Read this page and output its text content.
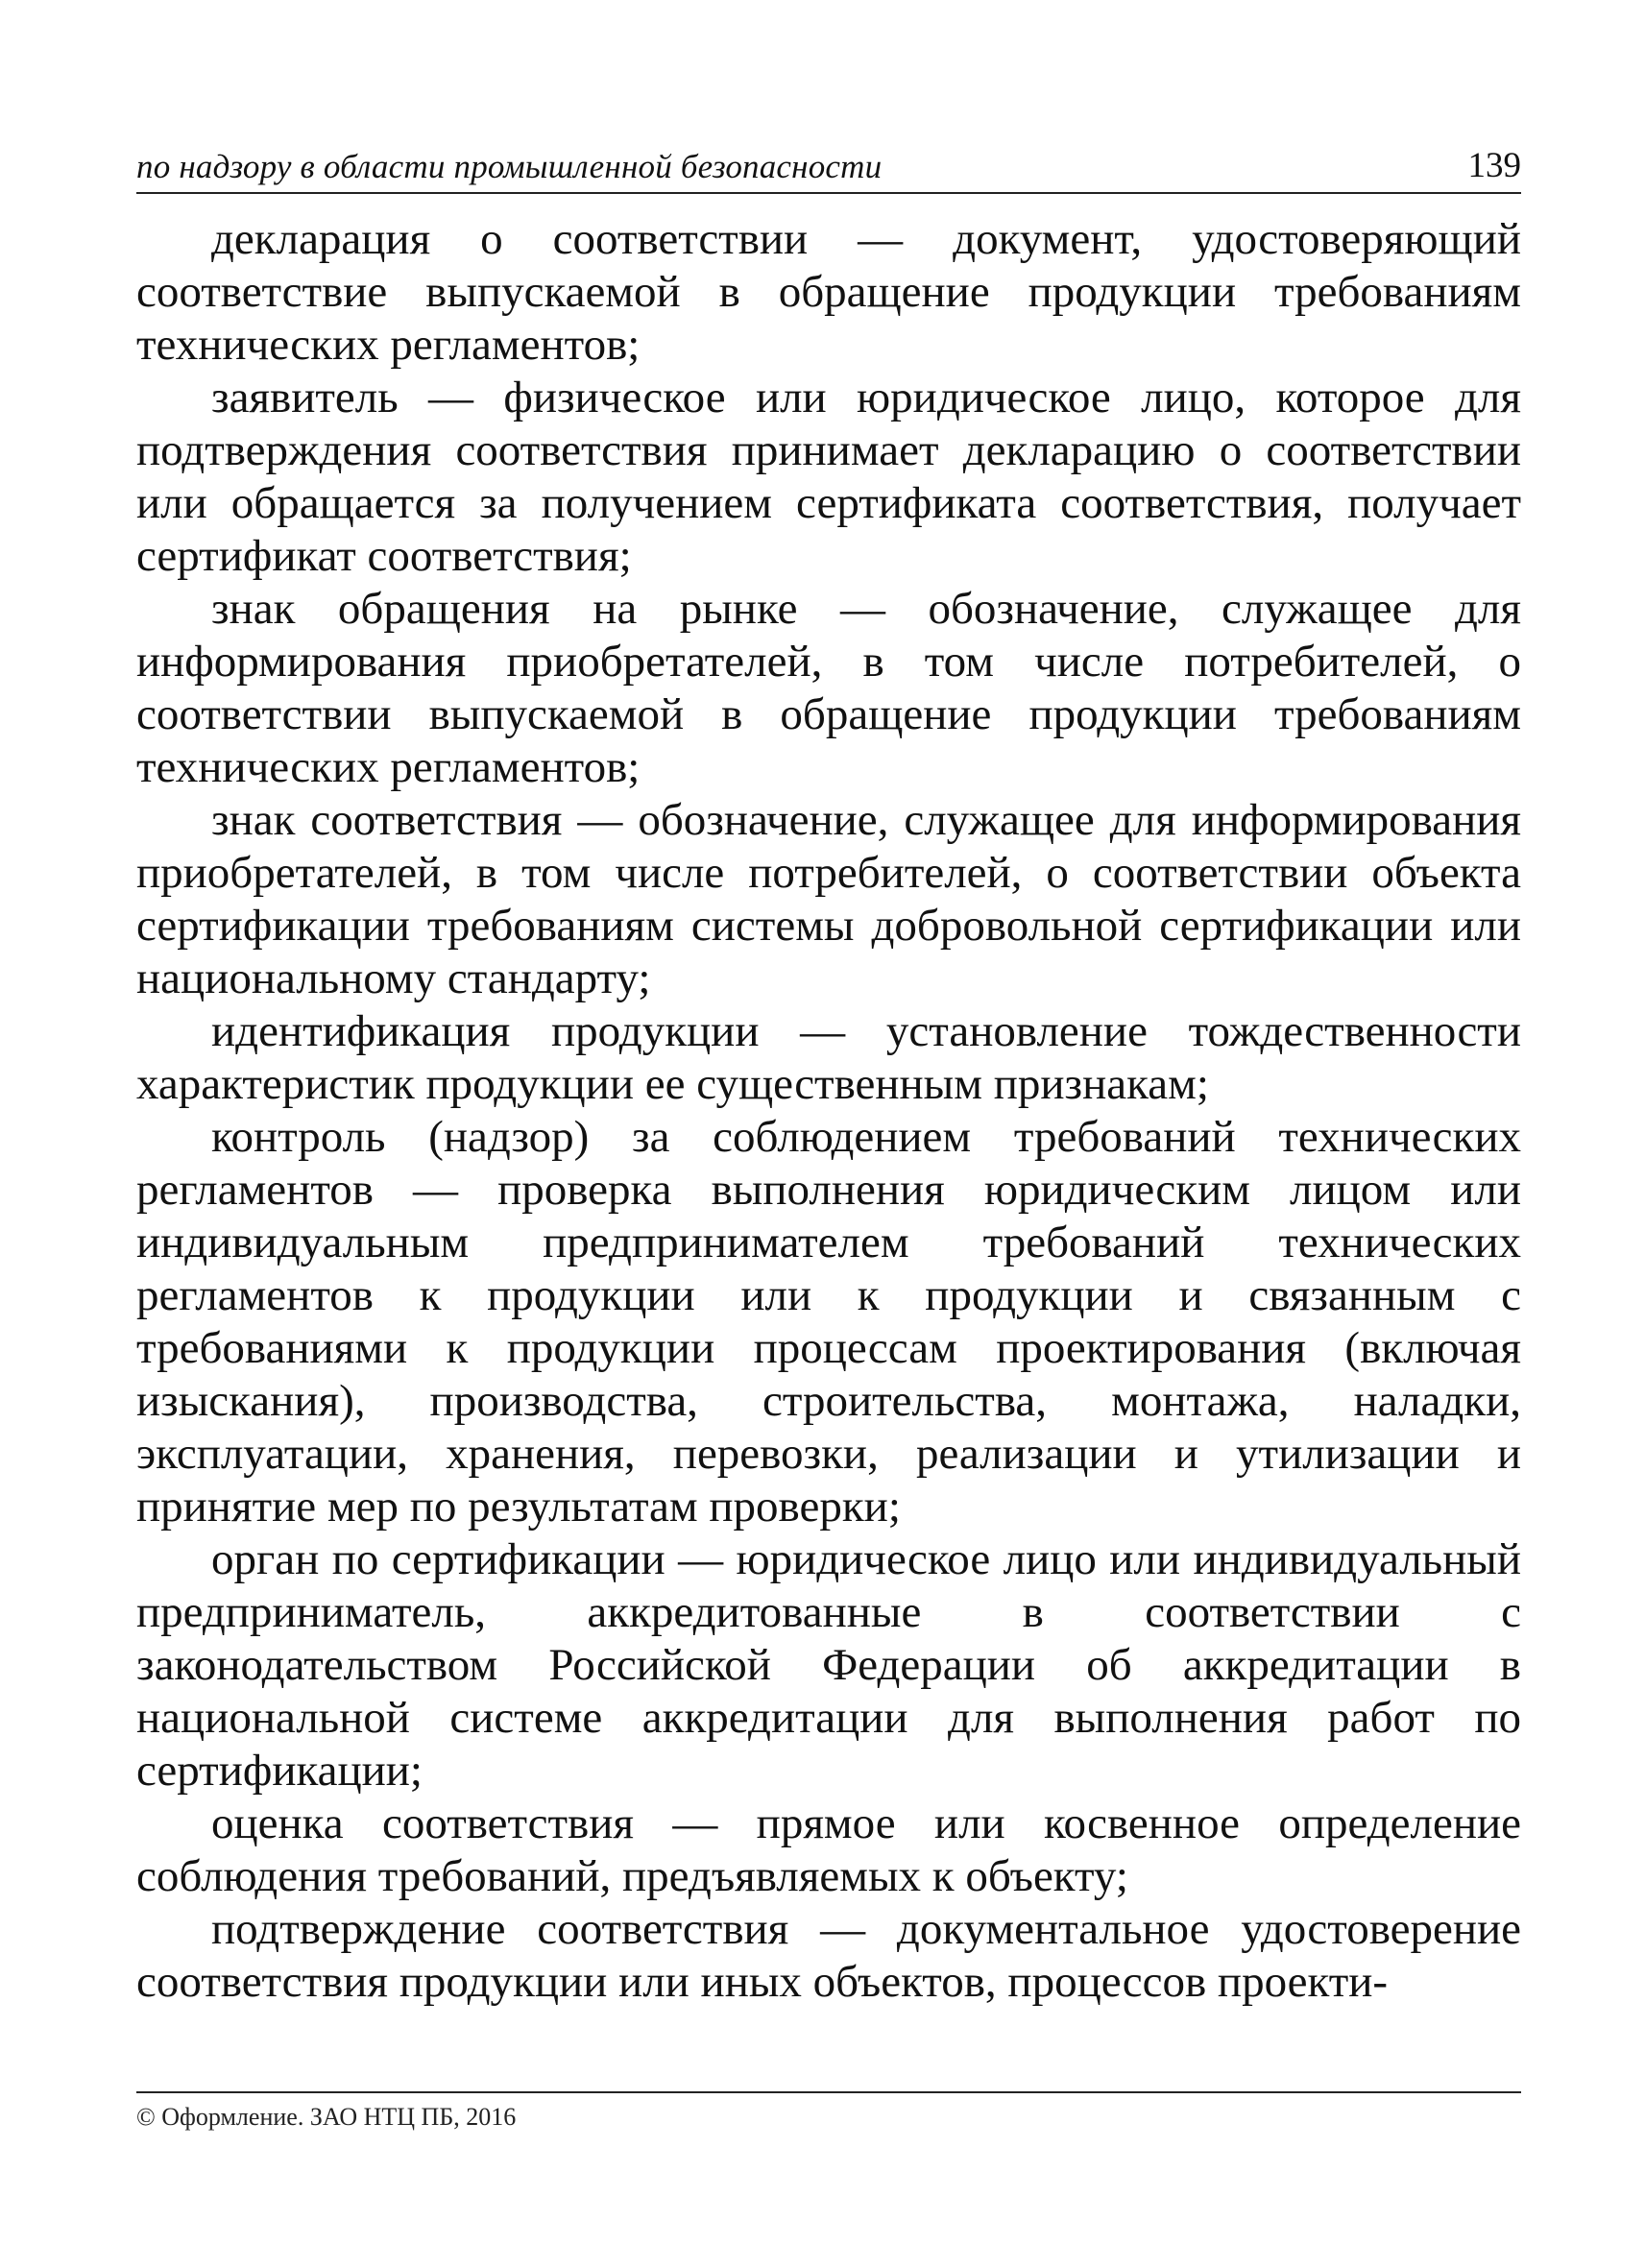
по надзору в области промышленной безопасности	139

декларация о соответствии — документ, удостоверяющий соответствие выпускаемой в обращение продукции требованиям технических регламентов;

заявитель — физическое или юридическое лицо, которое для подтверждения соответствия принимает декларацию о соответствии или обращается за получением сертификата соответствия, получает сертификат соответствия;

знак обращения на рынке — обозначение, служащее для информирования приобретателей, в том числе потребителей, о соответствии выпускаемой в обращение продукции требованиям технических регламентов;

знак соответствия — обозначение, служащее для информирования приобретателей, в том числе потребителей, о соответствии объекта сертификации требованиям системы добровольной сертификации или национальному стандарту;

идентификация продукции — установление тождественности характеристик продукции ее существенным признакам;

контроль (надзор) за соблюдением требований технических регламентов — проверка выполнения юридическим лицом или индивидуальным предпринимателем требований технических регламентов к продукции или к продукции и связанным с требованиями к продукции процессам проектирования (включая изыскания), производства, строительства, монтажа, наладки, эксплуатации, хранения, перевозки, реализации и утилизации и принятие мер по результатам проверки;

орган по сертификации — юридическое лицо или индивидуальный предприниматель, аккредитованные в соответствии с законодательством Российской Федерации об аккредитации в национальной системе аккредитации для выполнения работ по сертификации;

оценка соответствия — прямое или косвенное определение соблюдения требований, предъявляемых к объекту;

подтверждение соответствия — документальное удостоверение соответствия продукции или иных объектов, процессов проекти-

© Оформление. ЗАО НТЦ ПБ, 2016
